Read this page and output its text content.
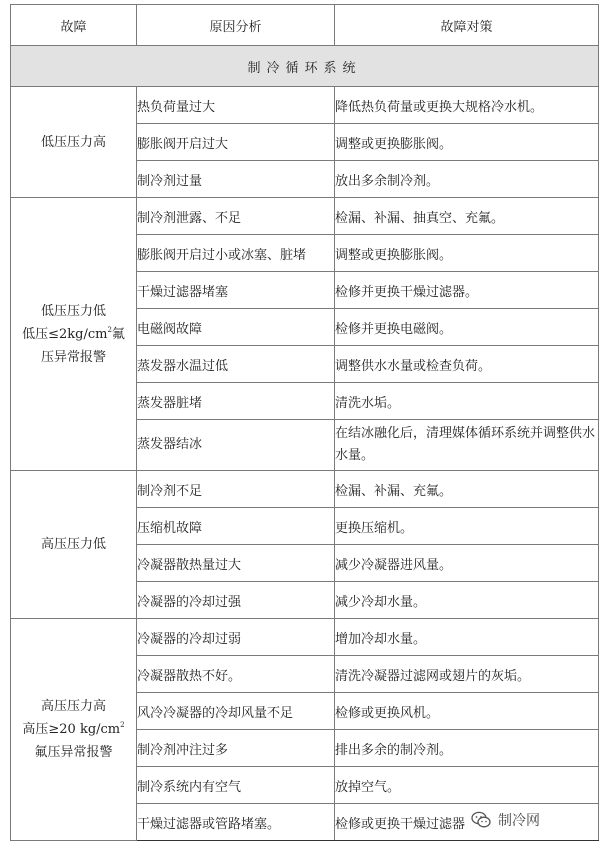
故障	原因分析	故障对策
制冷循环系统		

低压压力高	热负荷量过大	降低热负荷量或更换大规格冷水机。
	膨胀阀开启过大	调整或更换膨胀阀。
	制冷剂过量	放出多余制冷剂。

低压压力低
低压$\le 2kg/cm^2$氟
压异常报警	制冷剂泄露、不足	检漏、补漏、抽真空、充氟。
	膨胀阀开启过小或冰塞、脏堵	调整或更换膨胀阀。
	干燥过滤器堵塞	检修并更换干燥过滤器。
	电磁阀故障	检修并更换电磁阀。
	蒸发器水温过低	调整供水水量或检查负荷。
	蒸发器脏堵	清洗水垢。
	蒸发器结冰	在结冰融化后，清理媒体循环系统并调整供水水量。

高压压力低	制冷剂不足	检漏、补漏、充氟。
	压缩机故障	更换压缩机。
	冷凝器散热量过大	减少冷凝器进风量。
	冷凝器的冷却过强	减少冷却水量。

高压压力高
高压≥20 $kg/cm^2$
氟压异常报警	冷凝器的冷却过弱	增加冷却水量。
	冷凝器散热不好。	清洗冷凝器过滤网或翅片的灰垢。
	风冷冷凝器的冷却风量不足	检修或更换风机。
	制冷剂冲注过多	排出多余的制冷剂。
	制冷系统内有空气	放掉空气。
	干燥过滤器或管路堵塞。	检修或更换干燥过滤器 制冷网
